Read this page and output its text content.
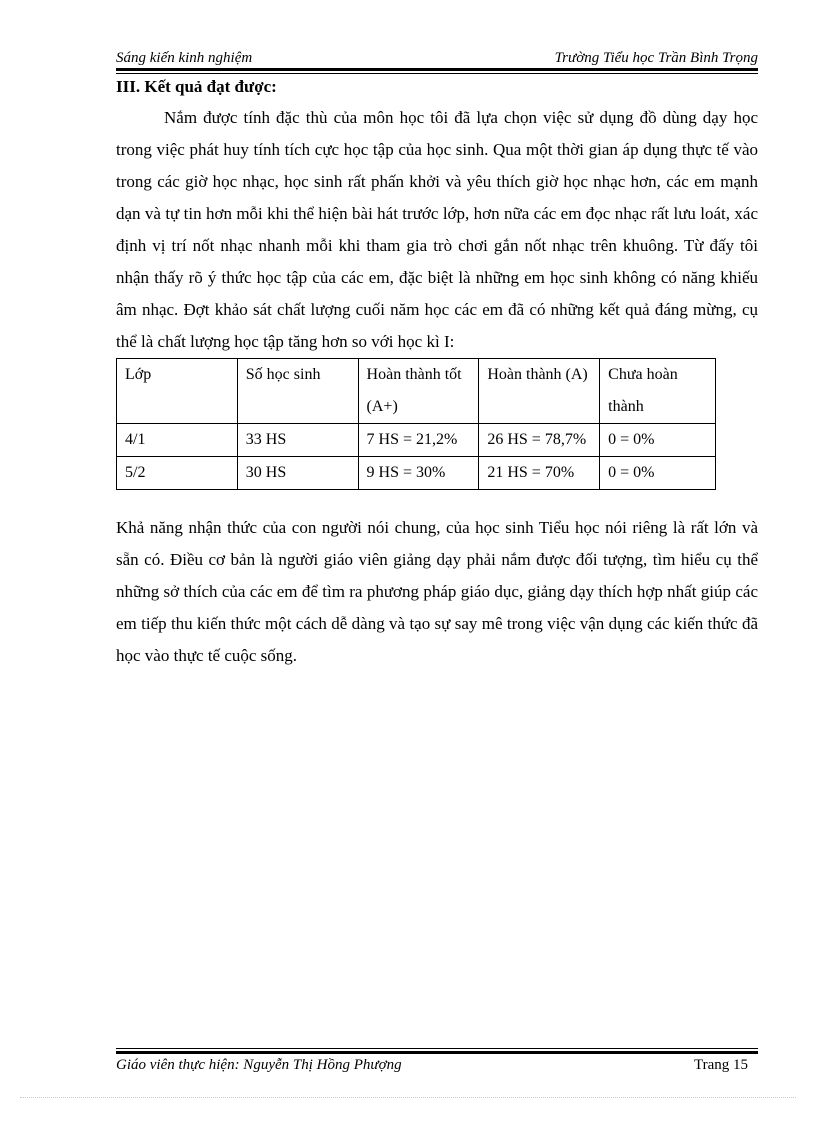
Sáng kiến kinh nghiệm	Trường Tiểu học Trần Bình Trọng

III. Kết quả đạt được:

Nắm được tính đặc thù của môn học tôi đã lựa chọn việc sử dụng đồ dùng dạy học trong việc phát huy tính tích cực học tập của học sinh. Qua một thời gian áp dụng thực tế vào trong các giờ học nhạc, học sinh rất phấn khởi và yêu thích giờ học nhạc hơn, các em mạnh dạn và tự tin hơn mỗi khi thể hiện bài hát trước lớp, hơn nữa các em đọc nhạc rất lưu loát, xác định vị trí nốt nhạc nhanh mỗi khi tham gia trò chơi gắn nốt nhạc trên khuông. Từ đấy tôi nhận thấy rõ ý thức học tập của các em, đặc biệt là những em học sinh không có năng khiếu âm nhạc. Đợt khảo sát chất lượng cuối năm học các em đã có những kết quả đáng mừng, cụ thể là chất lượng học tập tăng hơn so với học kì I:

Lớp	Số học sinh	Hoàn thành tốt (A+)	Hoàn thành (A)	Chưa hoàn thành
4/1	33 HS	7 HS = 21,2%	26 HS = 78,7%	0 = 0%
5/2	30 HS	9 HS = 30%	21 HS = 70%	0 = 0%

Khả năng nhận thức của con người nói chung, của học sinh Tiểu học nói riêng là rất lớn và sẵn có. Điều cơ bản là người giáo viên giảng dạy phải nắm được đối tượng, tìm hiểu cụ thể những sở thích của các em để tìm ra phương pháp giáo dục, giảng dạy thích hợp nhất giúp các em tiếp thu kiến thức một cách dễ dàng và tạo sự say mê trong việc vận dụng các kiến thức đã học vào thực tế cuộc sống.

Giáo viên thực hiện: Nguyễn Thị Hồng Phượng	Trang 15
